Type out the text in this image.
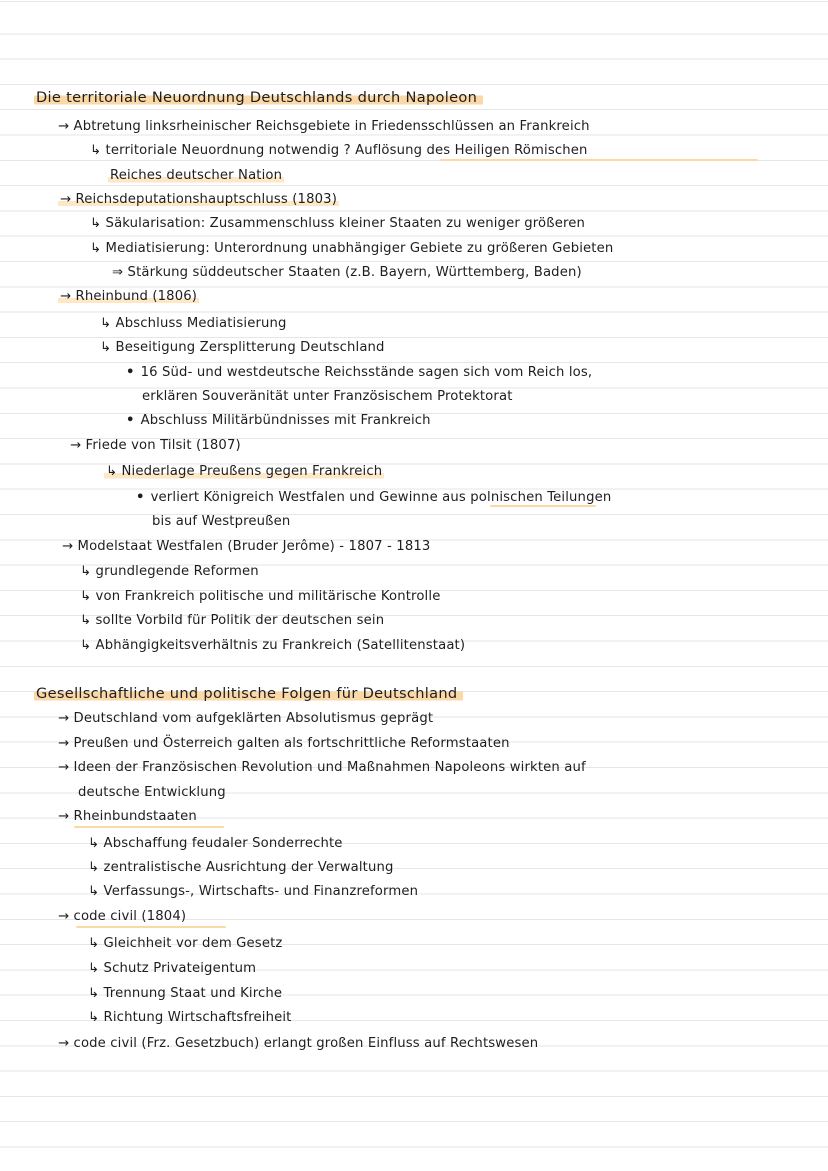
Die territoriale Neuordnung Deutschlands durch Napoleon
→ Abtretung linksrheinischer Reichsgebiete in Friedensschlüssen an Frankreich
↳ territoriale Neuordnung notwendig ? Auflösung des Heiligen Römischen
Reiches deutscher Nation
→ Reichsdeputationshauptschluss (1803)
↳ Säkularisation: Zusammenschluss kleiner Staaten zu weniger größeren
↳ Mediatisierung: Unterordnung unabhängiger Gebiete zu größeren Gebieten
⇒ Stärkung süddeutscher Staaten (z.B. Bayern, Württemberg, Baden)
→ Rheinbund (1806)
↳ Abschluss Mediatisierung
↳ Beseitigung Zersplitterung Deutschland
• 16 Süd- und westdeutsche Reichsstände sagen sich vom Reich los,
erklären Souveränität unter Französischem Protektorat
• Abschluss Militärbündnisses mit Frankreich
→ Friede von Tilsit (1807)
↳ Niederlage Preußens gegen Frankreich
• verliert Königreich Westfalen und Gewinne aus polnischen Teilungen
bis auf Westpreußen
→ Modelstaat Westfalen (Bruder Jerôme) - 1807 - 1813
↳ grundlegende Reformen
↳ von Frankreich politische und militärische Kontrolle
↳ sollte Vorbild für Politik der deutschen sein
↳ Abhängigkeitsverhältnis zu Frankreich (Satellitenstaat)
Gesellschaftliche und politische Folgen für Deutschland
→ Deutschland vom aufgeklärten Absolutismus geprägt
→ Preußen und Österreich galten als fortschrittliche Reformstaaten
→ Ideen der Französischen Revolution und Maßnahmen Napoleons wirkten auf
deutsche Entwicklung
→ Rheinbundstaaten
↳ Abschaffung feudaler Sonderrechte
↳ zentralistische Ausrichtung der Verwaltung
↳ Verfassungs-, Wirtschafts- und Finanzreformen
→ code civil (1804)
↳ Gleichheit vor dem Gesetz
↳ Schutz Privateigentum
↳ Trennung Staat und Kirche
↳ Richtung Wirtschaftsfreiheit
→ code civil (Frz. Gesetzbuch) erlangt großen Einfluss auf Rechtswesen
